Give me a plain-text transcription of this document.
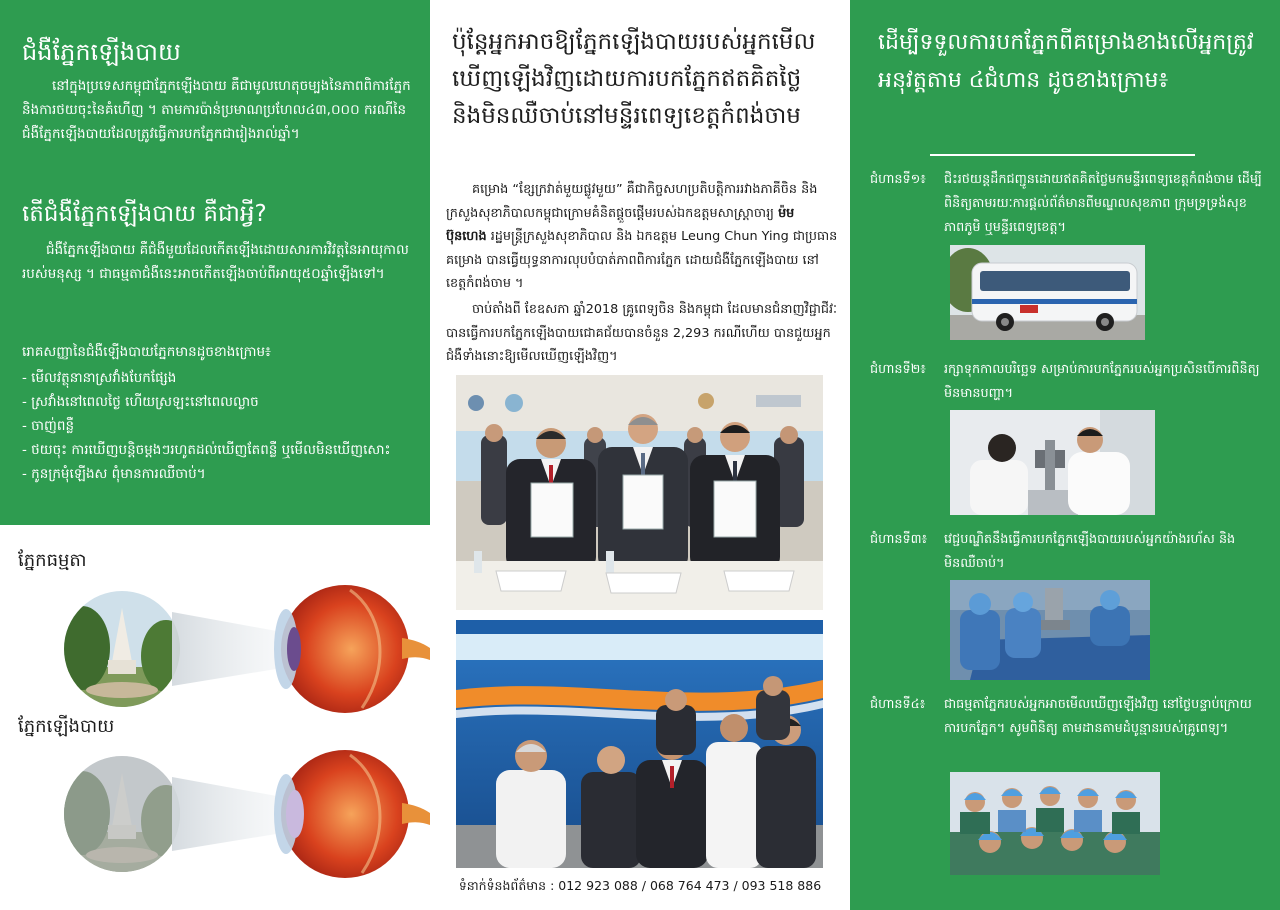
ជំងឺភ្នែកឡើងបាយ
នៅក្នុងប្រទេសកម្ពុជាភ្នែកឡើងបាយ គឺជាមូលហេតុចម្បងនៃភាពពិការភ្នែក និងការថយចុះនៃគំហើញ ។ តាមការប៉ាន់ប្រមាណប្រហែល៤៣,០០០ ករណីនៃជំងឺភ្នែកឡើងបាយដែលត្រូវធ្វើការបកភ្នែកជារៀងរាល់ឆ្នាំ។
តើជំងឺភ្នែកឡើងបាយ គឺជាអ្វី?
ជំងឺភ្នែកឡើងបាយ គឺជំងឺមួយដែលកើតឡើងដោយសារការវិវត្តនៃអាយុកាលរបស់មនុស្ស ។ ជាធម្មតាជំងឺនេះអាចកើតឡើងចាប់ពីអាយុ៥០ឆ្នាំឡើងទៅ។
រោគសញ្ញានៃជំងឺឡើងបាយភ្នែកមានដូចខាងក្រោម៖
- មើលវត្ថុនានាស្រវាំងបែកផ្សែង
- ស្រវាំងនៅពេលថ្ងៃ ហើយស្រឡះនៅពេលល្ងាច
- ចាញ់ពន្លឺ
- ថយចុះ ការឃើញបន្តិចម្តងៗរហូតដល់ឃើញតែពន្លឺ ឬមើលមិនឃើញសោះ
- កូនក្រមុំឡើងស ពុំមានការឈឺចាប់។
ភ្នែកធម្មតា
ភ្នែកឡើងបាយ
ប៉ុន្តែអ្នកអាចឱ្យភ្នែកឡើងបាយរបស់អ្នកមើលឃើញឡើងវិញដោយការបកភ្នែកឥតគិតថ្លៃ និងមិនឈឺចាប់នៅមន្ទីរពេទ្យខេត្តកំពង់ចាម
គម្រោង “ខ្សែក្រវាត់មួយផ្លូវមួយ” គឺជាកិច្ចសហប្រតិបត្តិការរវាងភាគីចិន និងក្រសួងសុខាភិបាលកម្ពុជាក្រោមគំនិតផ្តួចផ្តើមរបស់ឯកឧត្តមសាស្ត្រាចារ្យ ម៉ម ប៊ុនហេង រដ្ឋមន្ត្រីក្រសួងសុខាភិបាល និង ឯកឧត្តម Leung Chun Ying ជាប្រធានគម្រោង បានធ្វើយុទ្ធនាការលុបបំបាត់ភាពពិការភ្នែក ដោយជំងឺភ្នែកឡើងបាយ នៅខេត្តកំពង់ចាម ។
ចាប់តាំងពី ខែឧសភា ឆ្នាំ2018 គ្រូពេទ្យចិន និងកម្ពុជា ដែលមានជំនាញវិជ្ជាជីវៈបានធ្វើការបកភ្នែកឡើងបាយជោគជ័យបានចំនួន 2,293 ករណីហើយ បានជួយអ្នកជំងឺទាំងនោះឱ្យមើលឃើញឡើងវិញ។
ទំនាក់ទំនងព័ត៌មាន : 012 923 088 / 068 764 473 / 093 518 886
ដើម្បីទទួលការបកភ្នែកពីគម្រោងខាងលើអ្នកត្រូវអនុវត្តតាម ៤ជំហាន ដូចខាងក្រោម៖
ជំហានទី១៖	ជិះរថយន្តដឹកជញ្ជូនដោយឥតគិតថ្លៃមកមន្ទីរពេទ្យខេត្តកំពង់ចាម ដើម្បីពិនិត្យតាមរយៈការផ្តល់ព័ត៌មានពីមណ្ឌលសុខភាព ក្រុមទ្រទ្រង់សុខភាពភូមិ ឬមន្ទីរពេទ្យខេត្ត។
ជំហានទី២៖	រក្សាទុកកាលបរិច្ឆេទ សម្រាប់ការបកភ្នែករបស់អ្នកប្រសិនបើការពិនិត្យមិនមានបញ្ហា។
ជំហានទី៣៖	វេជ្ជបណ្ឌិតនឹងធ្វើការបកភ្នែកឡើងបាយរបស់អ្នកយ៉ាងរហ័ស និងមិនឈឺចាប់។
ជំហានទី៤៖	ជាធម្មតាភ្នែករបស់អ្នកអាចមើលឃើញឡើងវិញ នៅថ្ងៃបន្ទាប់ក្រោយការបកភ្នែក។ សូមពិនិត្យ តាមដានតាមដំបូន្មានរបស់គ្រូពេទ្យ។
